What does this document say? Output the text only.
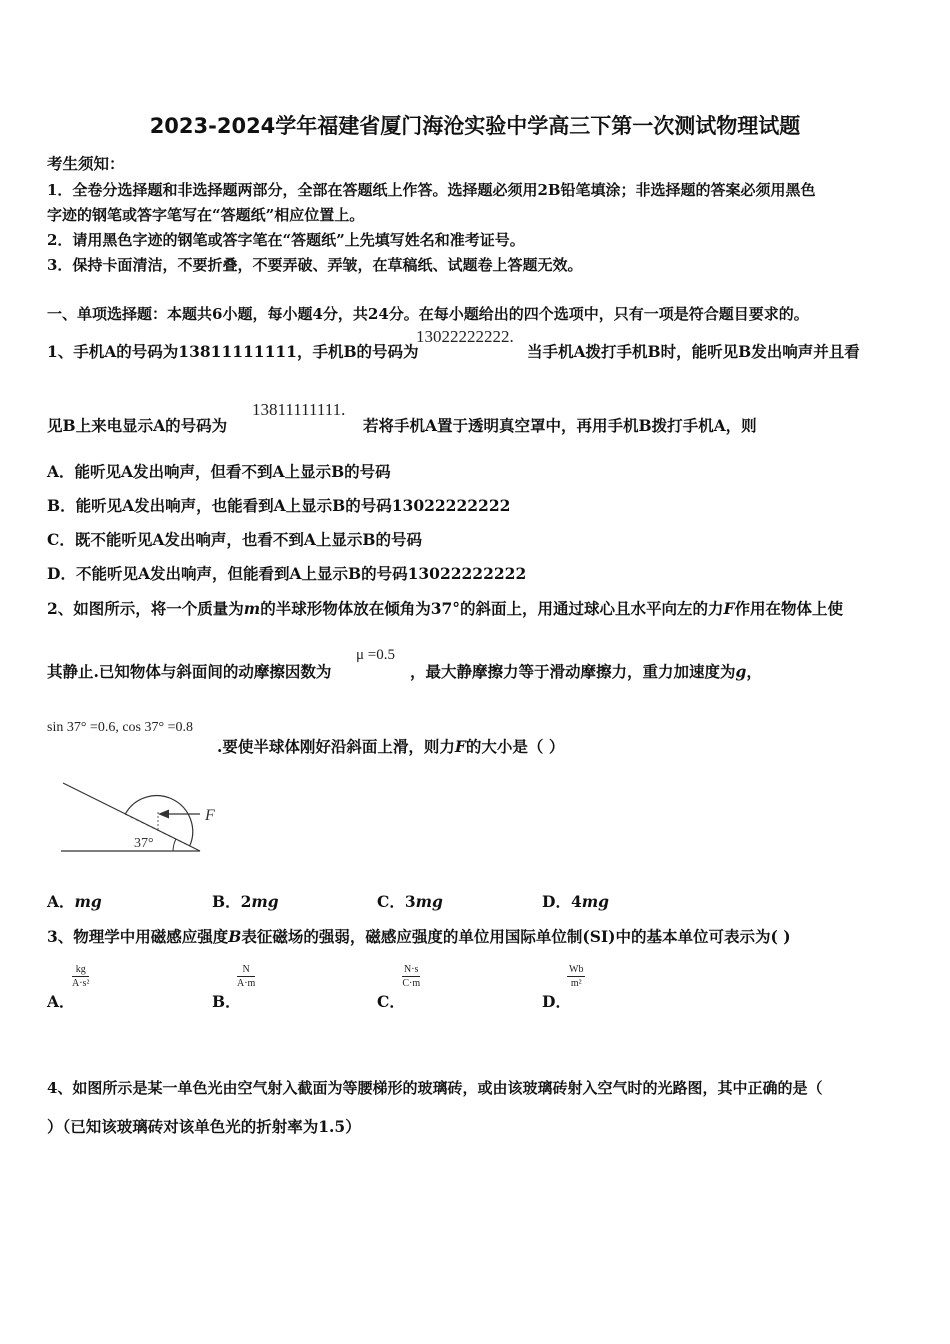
2023-2024学年福建省厦门海沧实验中学高三下第一次测试物理试题
考生须知：
1．全卷分选择题和非选择题两部分，全部在答题纸上作答。选择题必须用2B铅笔填涂；非选择题的答案必须用黑色
字迹的钢笔或答字笔写在“答题纸”相应位置上。
2．请用黑色字迹的钢笔或答字笔在“答题纸”上先填写姓名和准考证号。
3．保持卡面清洁，不要折叠，不要弄破、弄皱，在草稿纸、试题卷上答题无效。
一、单项选择题：本题共6小题，每小题4分，共24分。在每小题给出的四个选项中，只有一项是符合题目要求的。
1、手机A的号码为13811111111，手机B的号码为
13022222222.
当手机A拨打手机B时，能听见B发出响声并且看
见B上来电显示A的号码为
13811111111.
若将手机A置于透明真空罩中，再用手机B拨打手机A，则
A．能听见A发出响声，但看不到A上显示B的号码
B．能听见A发出响声，也能看到A上显示B的号码13022222222
C．既不能听见A发出响声，也看不到A上显示B的号码
D．不能听见A发出响声，但能看到A上显示B的号码13022222222
2、如图所示，将一个质量为m的半球形物体放在倾角为37°的斜面上，用通过球心且水平向左的力F作用在物体上使
其静止.已知物体与斜面间的动摩擦因数为
μ =0.5
，最大静摩擦力等于滑动摩擦力，重力加速度为g，
sin 37° =0.6, cos 37° =0.8
.要使半球体刚好沿斜面上滑，则力F的大小是（ ）
F
37°
A．mg	B．2mg	C．3mg	D．4mg
3、物理学中用磁感应强度B表征磁场的强弱，磁感应强度的单位用国际单位制(SI)中的基本单位可表示为( )
A．
$\frac{kg}{\text{A·s²}}$
B．
$\frac{N}{A\cdot m}$
C．
$\frac{N\cdot s}{C\cdot m}$
D．
$\frac{Wb}{\text{m²}}$
4、如图所示是某一单色光由空气射入截面为等腰梯形的玻璃砖，或由该玻璃砖射入空气时的光路图，其中正确的是（
）（已知该玻璃砖对该单色光的折射率为1.5）
